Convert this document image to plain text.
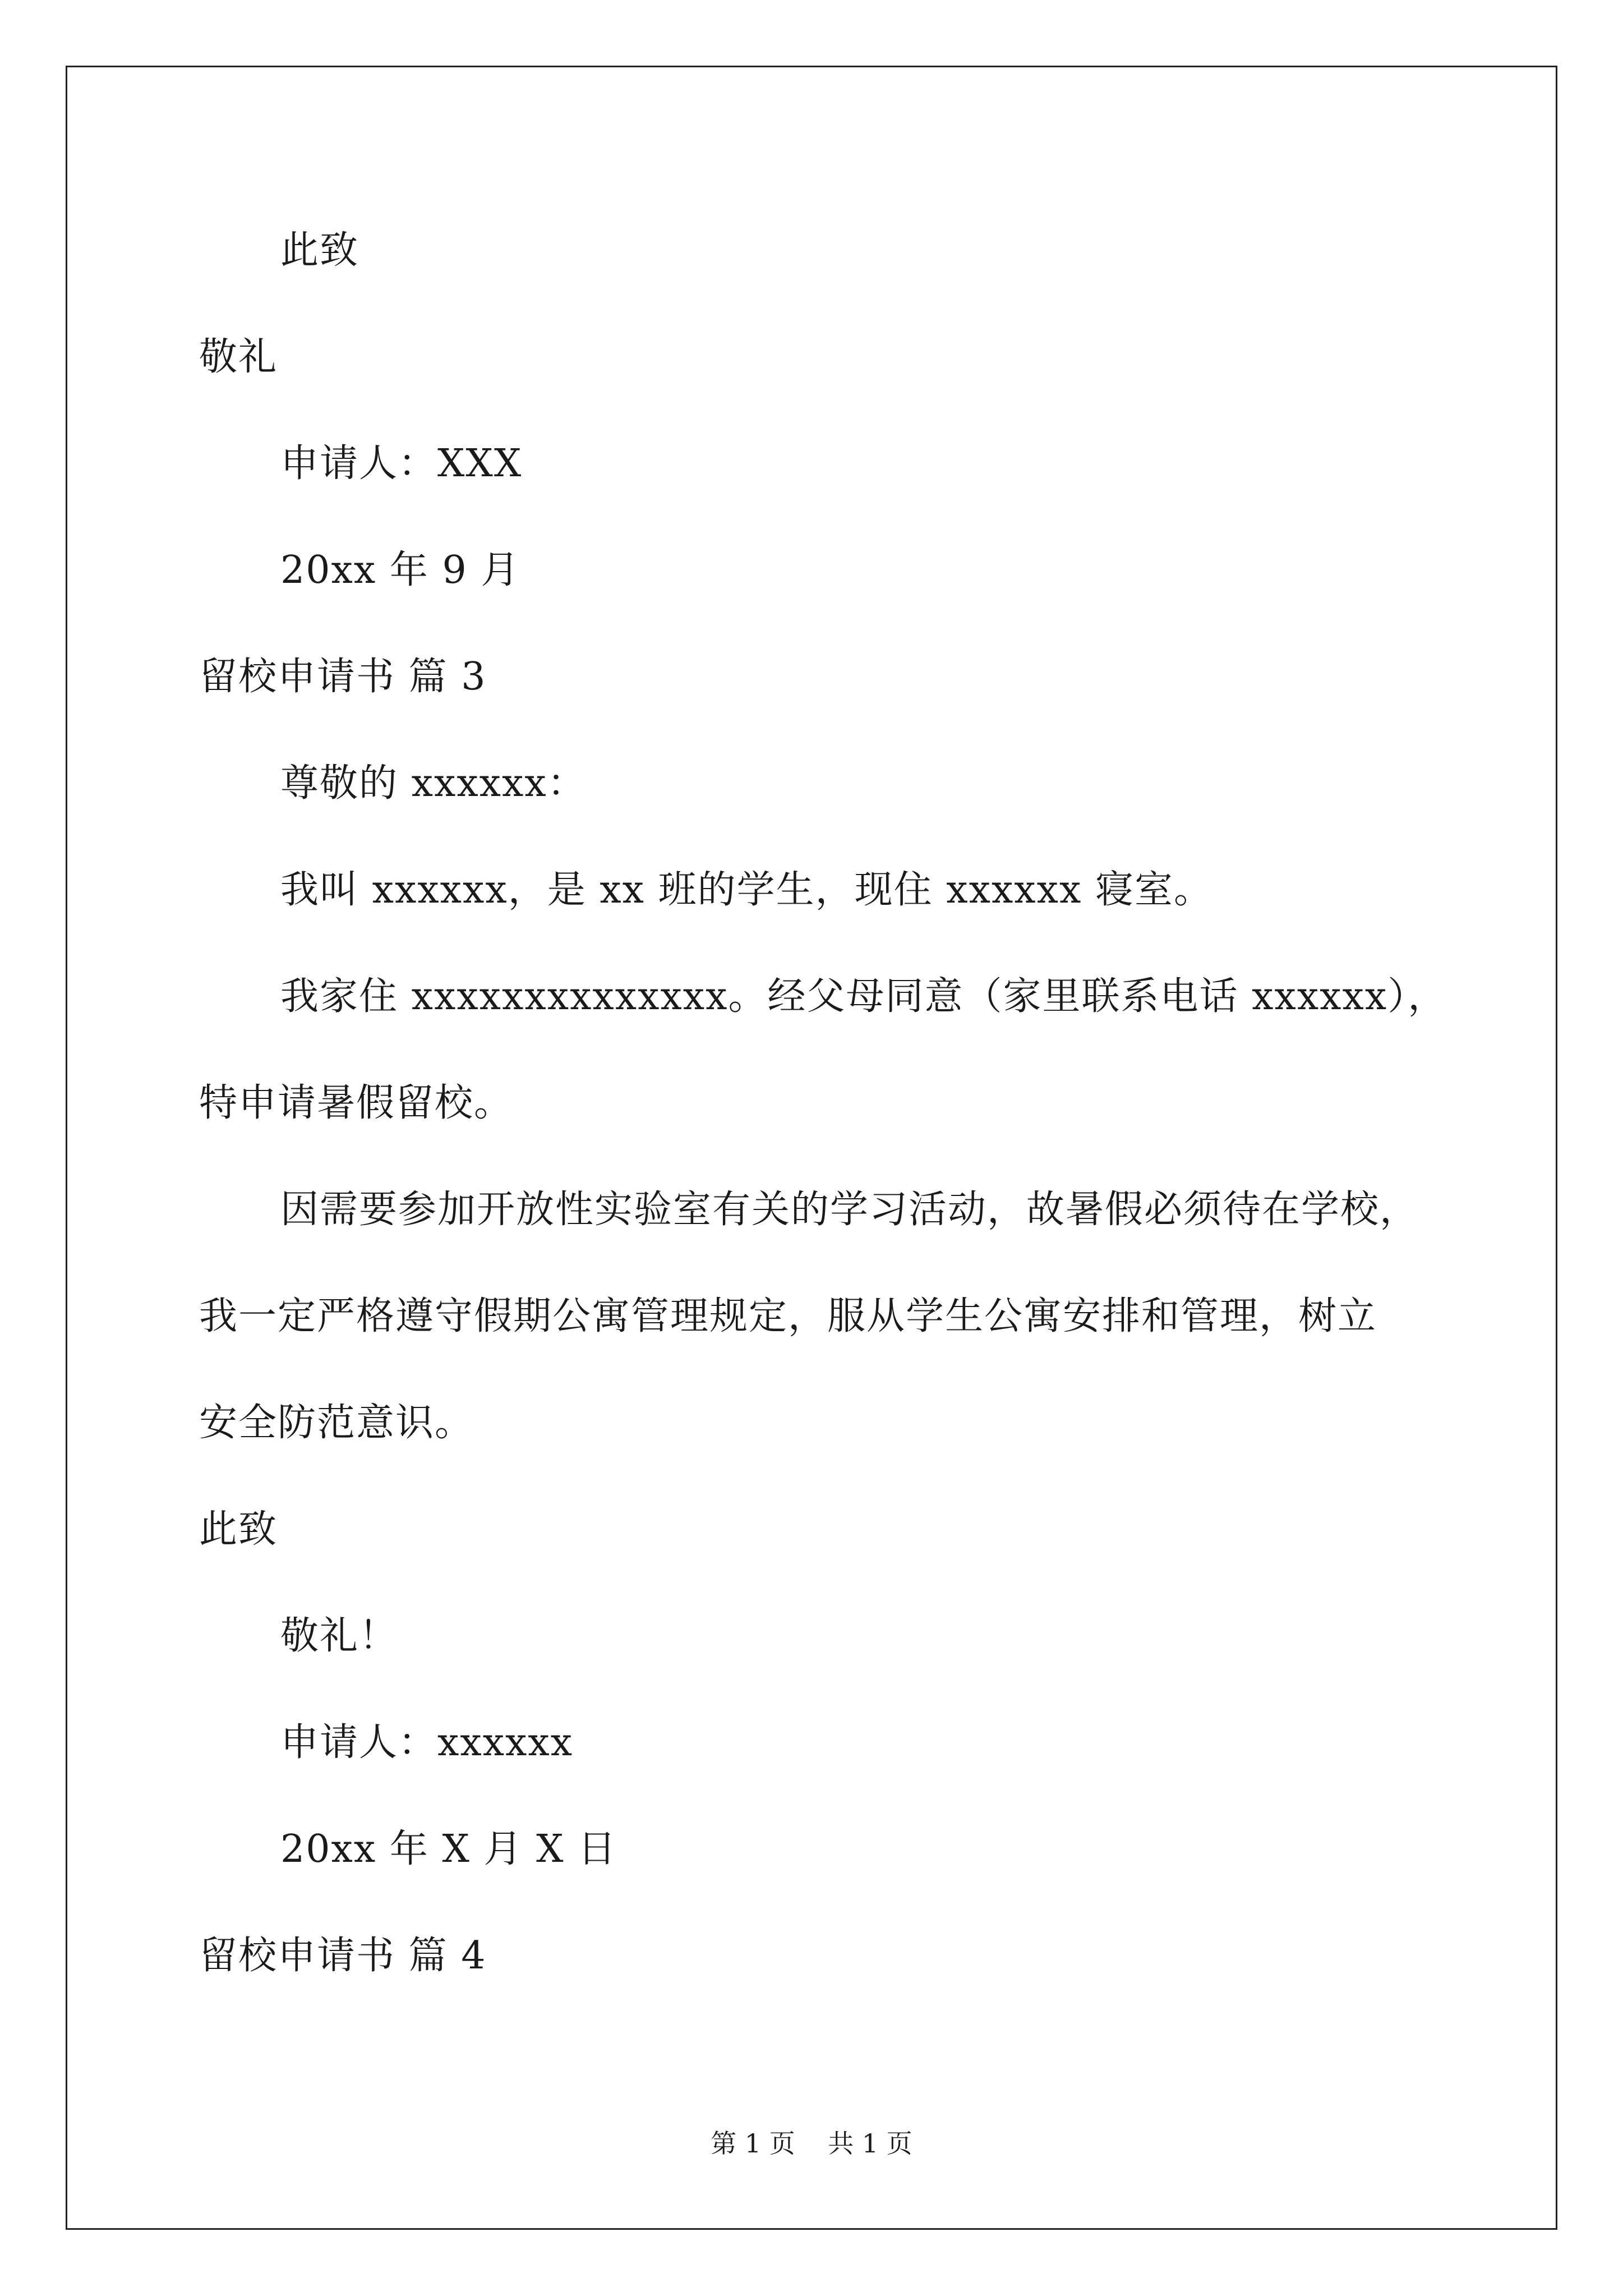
此致
敬礼
申请人：XXX
20xx 年 9 月
留校申请书 篇 3
尊敬的 xxxxxx：
我叫 xxxxxx，是 xx 班的学生，现住 xxxxxx 寝室。
我家住 xxxxxxxxxxxxxx。经父母同意（家里联系电话 xxxxxx），
特申请暑假留校。
因需要参加开放性实验室有关的学习活动，故暑假必须待在学校，
我一定严格遵守假期公寓管理规定，服从学生公寓安排和管理，树立
安全防范意识。
此致
敬礼！
申请人：xxxxxx
20xx 年 X 月 X 日
留校申请书 篇 4
第 1 页    共 1 页
